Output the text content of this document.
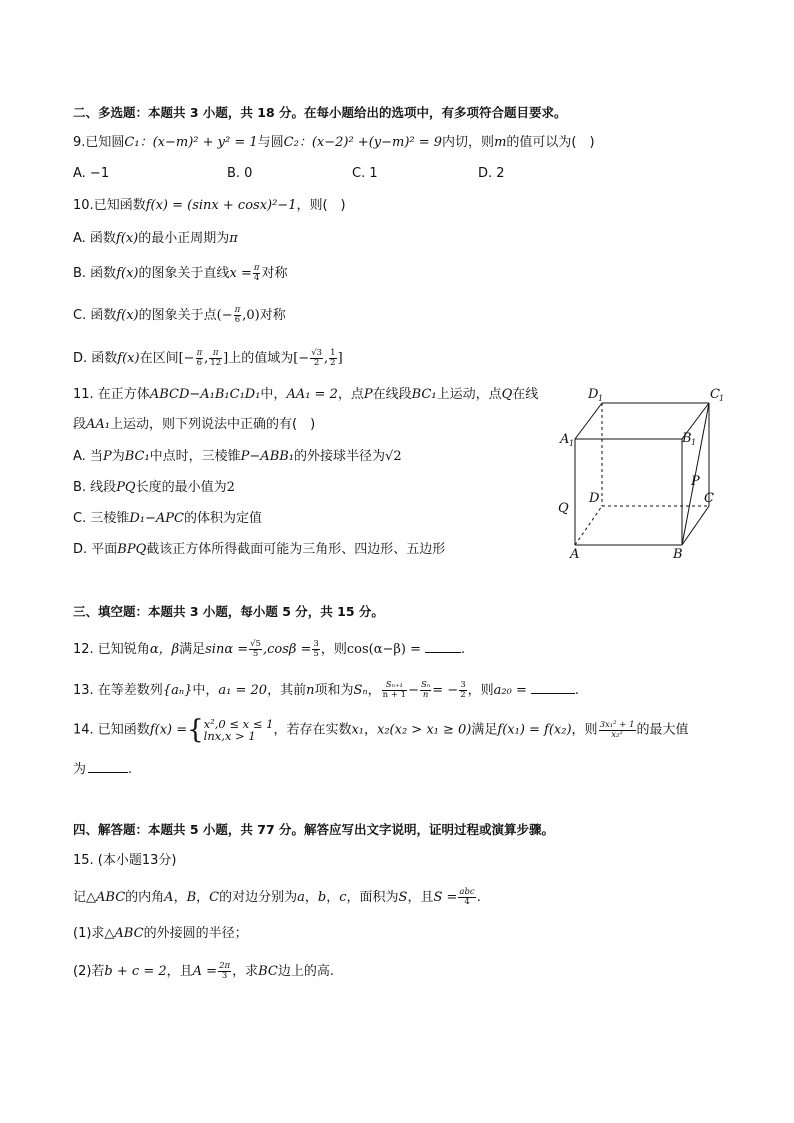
二、多选题：本题共 3 小题，共 18 分。在每小题给出的选项中，有多项符合题目要求。
9.已知圆C₁：(x−m)² + y² = 1与圆C₂：(x−2)² +(y−m)² = 9内切，则m的值可以为(　)
A. −1	B. 0	C. 1	D. 2
10.已知函数f(x) = (sinx + cosx)²−1，则(　)
A. 函数f(x)的最小正周期为π
B. 函数f(x)的图象关于直线$x = \frac{\pi}{4}$ 对称
C. 函数f(x)的图象关于点(− $\frac{\pi}{6} ,0$)对称
D. 函数f(x)在区间[− $\frac{\pi}{6}$ , $\frac{\pi}{12}$ ]上的值域为[− $\frac{√3}{2}$ , $\frac{1}{2}$ ]
11. 在正方体ABCD−A₁B₁C₁D₁中，AA₁ = 2，点P在线段BC₁上运动，点Q在线
段AA₁上运动，则下列说法中正确的有(　)
A. 当P为BC₁中点时，三棱锥P−ABB₁的外接球半径为√2
B. 线段PQ长度的最小值为2
C. 三棱锥D₁−APC的体积为定值
D. 平面BPQ截该正方体所得截面可能为三角形、四边形、五边形
D 1	C 1
A 1	B 1
P
D	C
Q
A	B
三、填空题：本题共 3 小题，每小题 5 分，共 15 分。
12. 已知锐角α，β满足$\sin\alpha = \frac{√5}{5} ,\cos\beta = \frac{3}{5}$ ，则cos(α−β) =	.
13. 在等差数列{aₙ}中，a₁ = 20，其前n项和为Sₙ， $\frac{\text{Sₙ₊₁}}{n + 1} - \frac{\text{Sₙ}}{n}$ = − $\frac{3}{2}$ ，则a₂₀ =	.
14. 已知函数f(x) ={ x²,0 ≤ x ≤ 1
lnx,x > 1	，若存在实数x₁，x₂(x₂ > x₁ ≥ 0)满足f(x₁) = f(x₂)，则 $\frac{\text{3x₁² + 1}}{\text{x₂²}}$ 的最大值
为	.
四、解答题：本题共 5 小题，共 77 分。解答应写出文字说明，证明过程或演算步骤。
15. (本小题13分)
记△ABC的内角A，B，C的对边分别为a，b，c，面积为S，且$S = \frac{\text{abc}}{4}$ .
(1)求△ABC的外接圆的半径；
(2)若b + c = 2，且$A = \frac{2\pi}{3}$ ，求BC边上的高.
